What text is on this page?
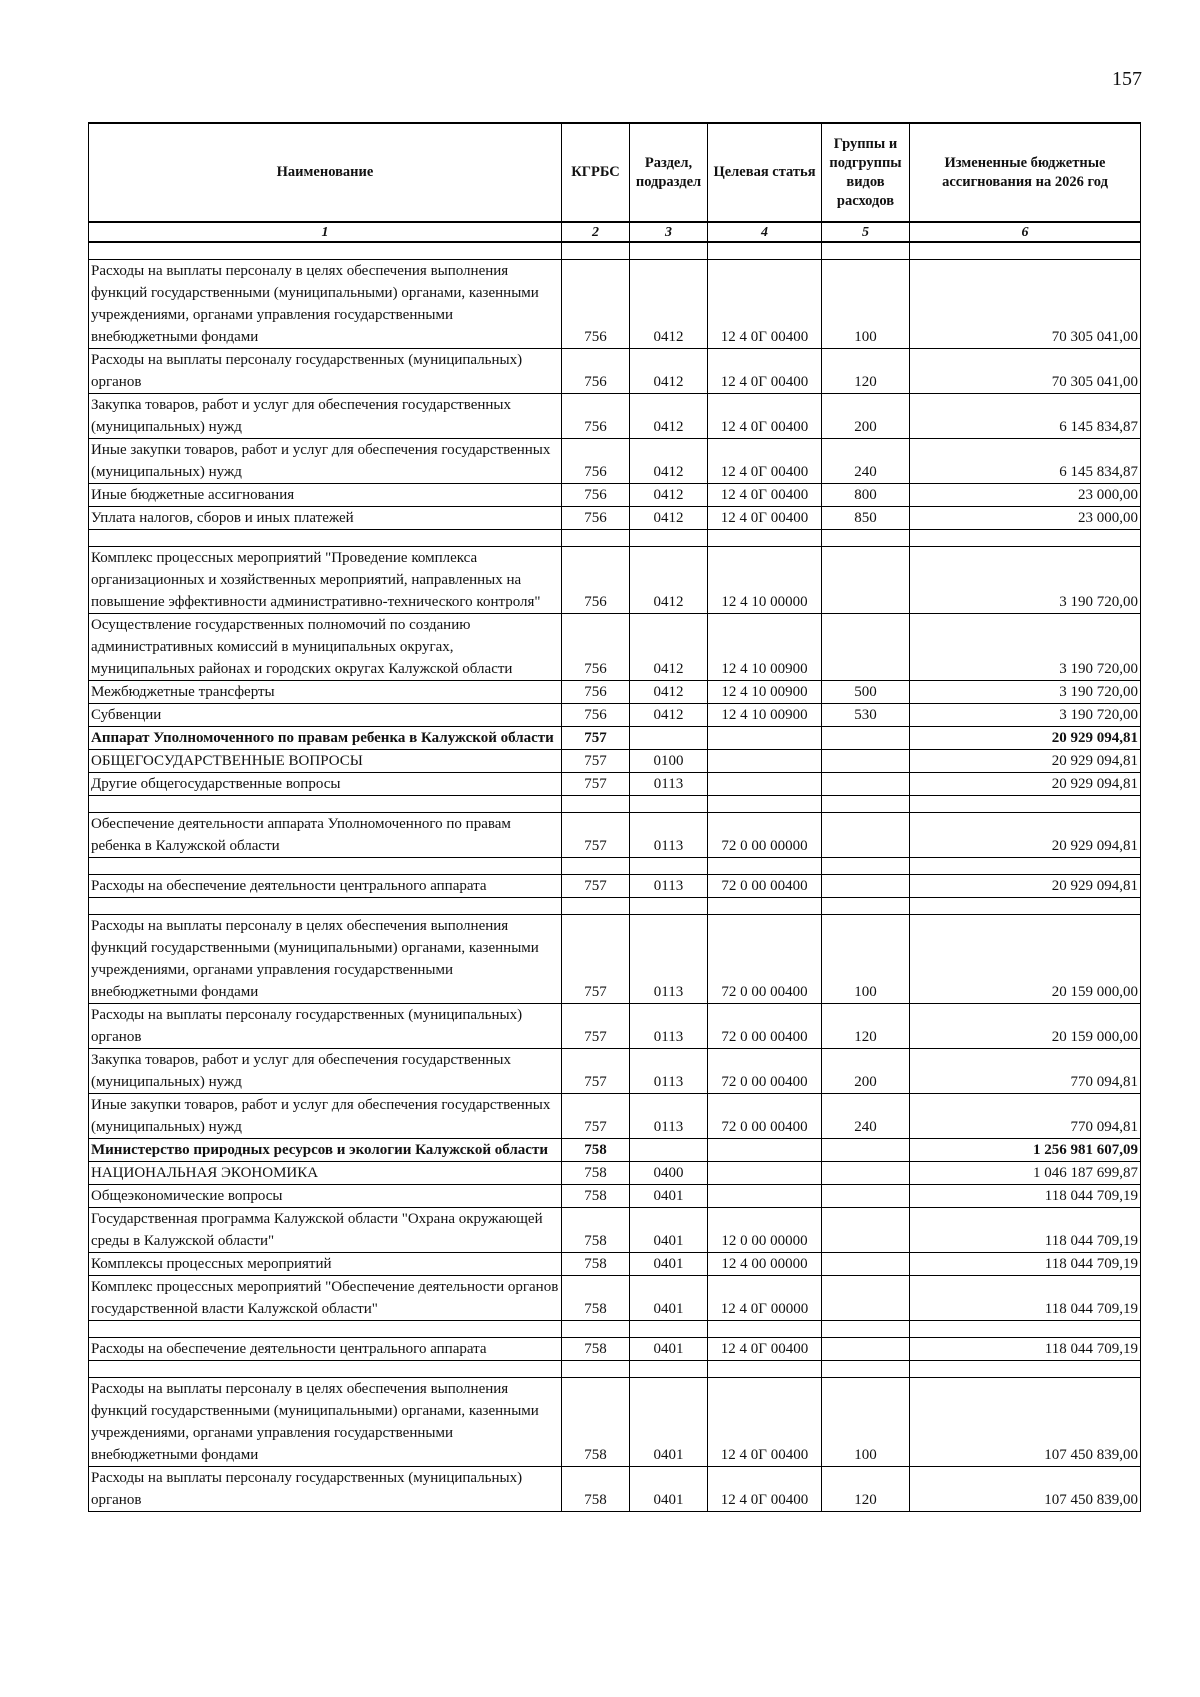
157
Наименование	КГРБС	Раздел, подраздел	Целевая статья	Группы и подгруппы видов расходов	Измененные бюджетные ассигнования на 2026 год
1	2	3	4	5	6

Расходы на выплаты персоналу в целях обеспечения выполнения функций государственными (муниципальными) органами, казенными учреждениями, органами управления государственными внебюджетными фондами	756	0412	12 4 0Г 00400	100	70 305 041,00
Расходы на выплаты персоналу государственных (муниципальных) органов	756	0412	12 4 0Г 00400	120	70 305 041,00
Закупка товаров, работ и услуг для обеспечения государственных (муниципальных) нужд	756	0412	12 4 0Г 00400	200	6 145 834,87
Иные закупки товаров, работ и услуг для обеспечения государственных (муниципальных) нужд	756	0412	12 4 0Г 00400	240	6 145 834,87
Иные бюджетные ассигнования	756	0412	12 4 0Г 00400	800	23 000,00
Уплата налогов, сборов и иных платежей	756	0412	12 4 0Г 00400	850	23 000,00

Комплекс процессных мероприятий "Проведение комплекса организационных и хозяйственных мероприятий, направленных на повышение эффективности административно-технического контроля"	756	0412	12 4 10 00000		3 190 720,00
Осуществление государственных полномочий по созданию административных комиссий в муниципальных округах, муниципальных районах и городских округах Калужской области	756	0412	12 4 10 00900		3 190 720,00
Межбюджетные трансферты	756	0412	12 4 10 00900	500	3 190 720,00
Субвенции	756	0412	12 4 10 00900	530	3 190 720,00
Аппарат Уполномоченного по правам ребенка в Калужской области	757				20 929 094,81
ОБЩЕГОСУДАРСТВЕННЫЕ ВОПРОСЫ	757	0100			20 929 094,81
Другие общегосударственные вопросы	757	0113			20 929 094,81

Обеспечение деятельности аппарата Уполномоченного по правам ребенка в Калужской области	757	0113	72 0 00 00000		20 929 094,81

Расходы на обеспечение деятельности центрального аппарата	757	0113	72 0 00 00400		20 929 094,81

Расходы на выплаты персоналу в целях обеспечения выполнения функций государственными (муниципальными) органами, казенными учреждениями, органами управления государственными внебюджетными фондами	757	0113	72 0 00 00400	100	20 159 000,00
Расходы на выплаты персоналу государственных (муниципальных) органов	757	0113	72 0 00 00400	120	20 159 000,00
Закупка товаров, работ и услуг для обеспечения государственных (муниципальных) нужд	757	0113	72 0 00 00400	200	770 094,81
Иные закупки товаров, работ и услуг для обеспечения государственных (муниципальных) нужд	757	0113	72 0 00 00400	240	770 094,81
Министерство природных ресурсов и экологии Калужской области	758				1 256 981 607,09
НАЦИОНАЛЬНАЯ ЭКОНОМИКА	758	0400			1 046 187 699,87
Общеэкономические вопросы	758	0401			118 044 709,19
Государственная программа Калужской области "Охрана окружающей среды в Калужской области"	758	0401	12 0 00 00000		118 044 709,19
Комплексы процессных мероприятий	758	0401	12 4 00 00000		118 044 709,19
Комплекс процессных мероприятий "Обеспечение деятельности органов государственной власти Калужской области"	758	0401	12 4 0Г 00000		118 044 709,19

Расходы на обеспечение деятельности центрального аппарата	758	0401	12 4 0Г 00400		118 044 709,19

Расходы на выплаты персоналу в целях обеспечения выполнения функций государственными (муниципальными) органами, казенными учреждениями, органами управления государственными внебюджетными фондами	758	0401	12 4 0Г 00400	100	107 450 839,00
Расходы на выплаты персоналу государственных (муниципальных) органов	758	0401	12 4 0Г 00400	120	107 450 839,00
